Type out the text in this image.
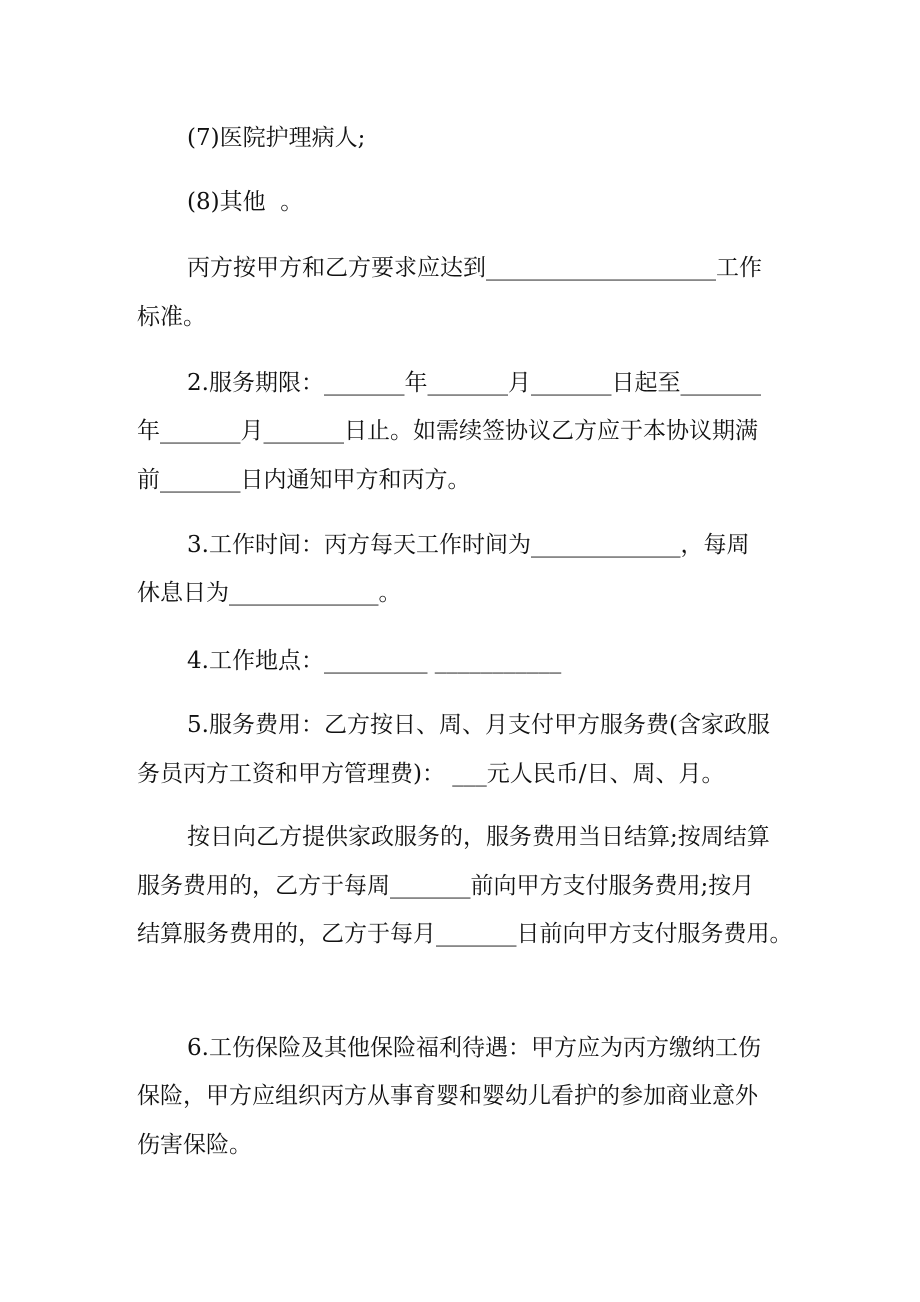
(7)医院护理病人;
(8)其他  。
丙方按甲方和乙方要求应达到____________________工作
标准。
2.服务期限：_______年_______月_______日起至_______
年_______月_______日止。如需续签协议乙方应于本协议期满
前_______日内通知甲方和丙方。
3.工作时间：丙方每天工作时间为_____________，每周
休息日为_____________。
4.工作地点：_________ ___________
5.服务费用：乙方按日、周、月支付甲方服务费(含家政服
务员丙方工资和甲方管理费)： ___元人民币/日、周、月。
按日向乙方提供家政服务的，服务费用当日结算;按周结算
服务费用的，乙方于每周_______前向甲方支付服务费用;按月
结算服务费用的，乙方于每月_______日前向甲方支付服务费用。
6.工伤保险及其他保险福利待遇：甲方应为丙方缴纳工伤
保险，甲方应组织丙方从事育婴和婴幼儿看护的参加商业意外
伤害保险。
